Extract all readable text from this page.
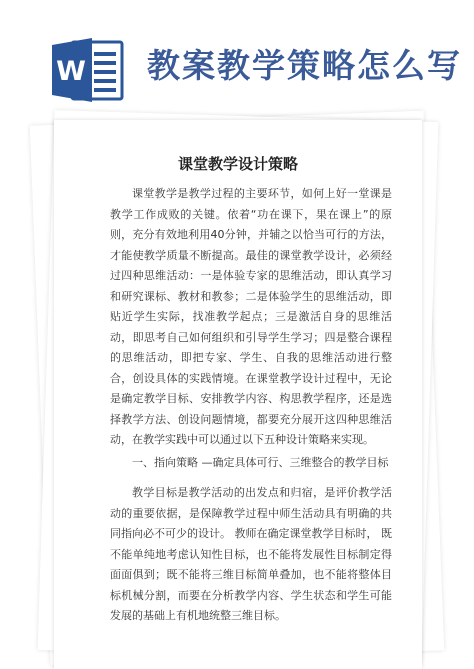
W 教案教学策略怎么写
课堂教学设计策略

课堂教学是教学过程的主要环节，如何上好一堂课是教学工作成败的关键。依着“功在课下，果在课上”的原则，充分有效地利用40分钟，并辅之以恰当可行的方法，才能使教学质量不断提高。最佳的课堂教学设计，必须经过四种思维活动：一是体验专家的思维活动，即认真学习和研究课标、教材和教参；二是体验学生的思维活动，即贴近学生实际，找准教学起点；三是激活自身的思维活动，即思考自己如何组织和引导学生学习；四是整合课程的思维活动，即把专家、学生、自我的思维活动进行整合，创设具体的实践情境。在课堂教学设计过程中，无论是确定教学目标、安排教学内容、构思教学程序，还是选择教学方法、创设问题情境，都要充分展开这四种思维活动，在教学实践中可以通过以下五种设计策略来实现。

一、指向策略 —确定具体可行、三维整合的教学目标

教学目标是教学活动的出发点和归宿，是评价教学活动的重要依据，是保障教学过程中师生活动具有明确的共同指向必不可少的设计。 教师在确定课堂教学目标时， 既不能单纯地考虑认知性目标，也不能将发展性目标制定得面面俱到；既不能将三维目标简单叠加，也不能将整体目标机械分割，而要在分析教学内容、学生状态和学生可能发展的基础上有机地统整三维目标。
